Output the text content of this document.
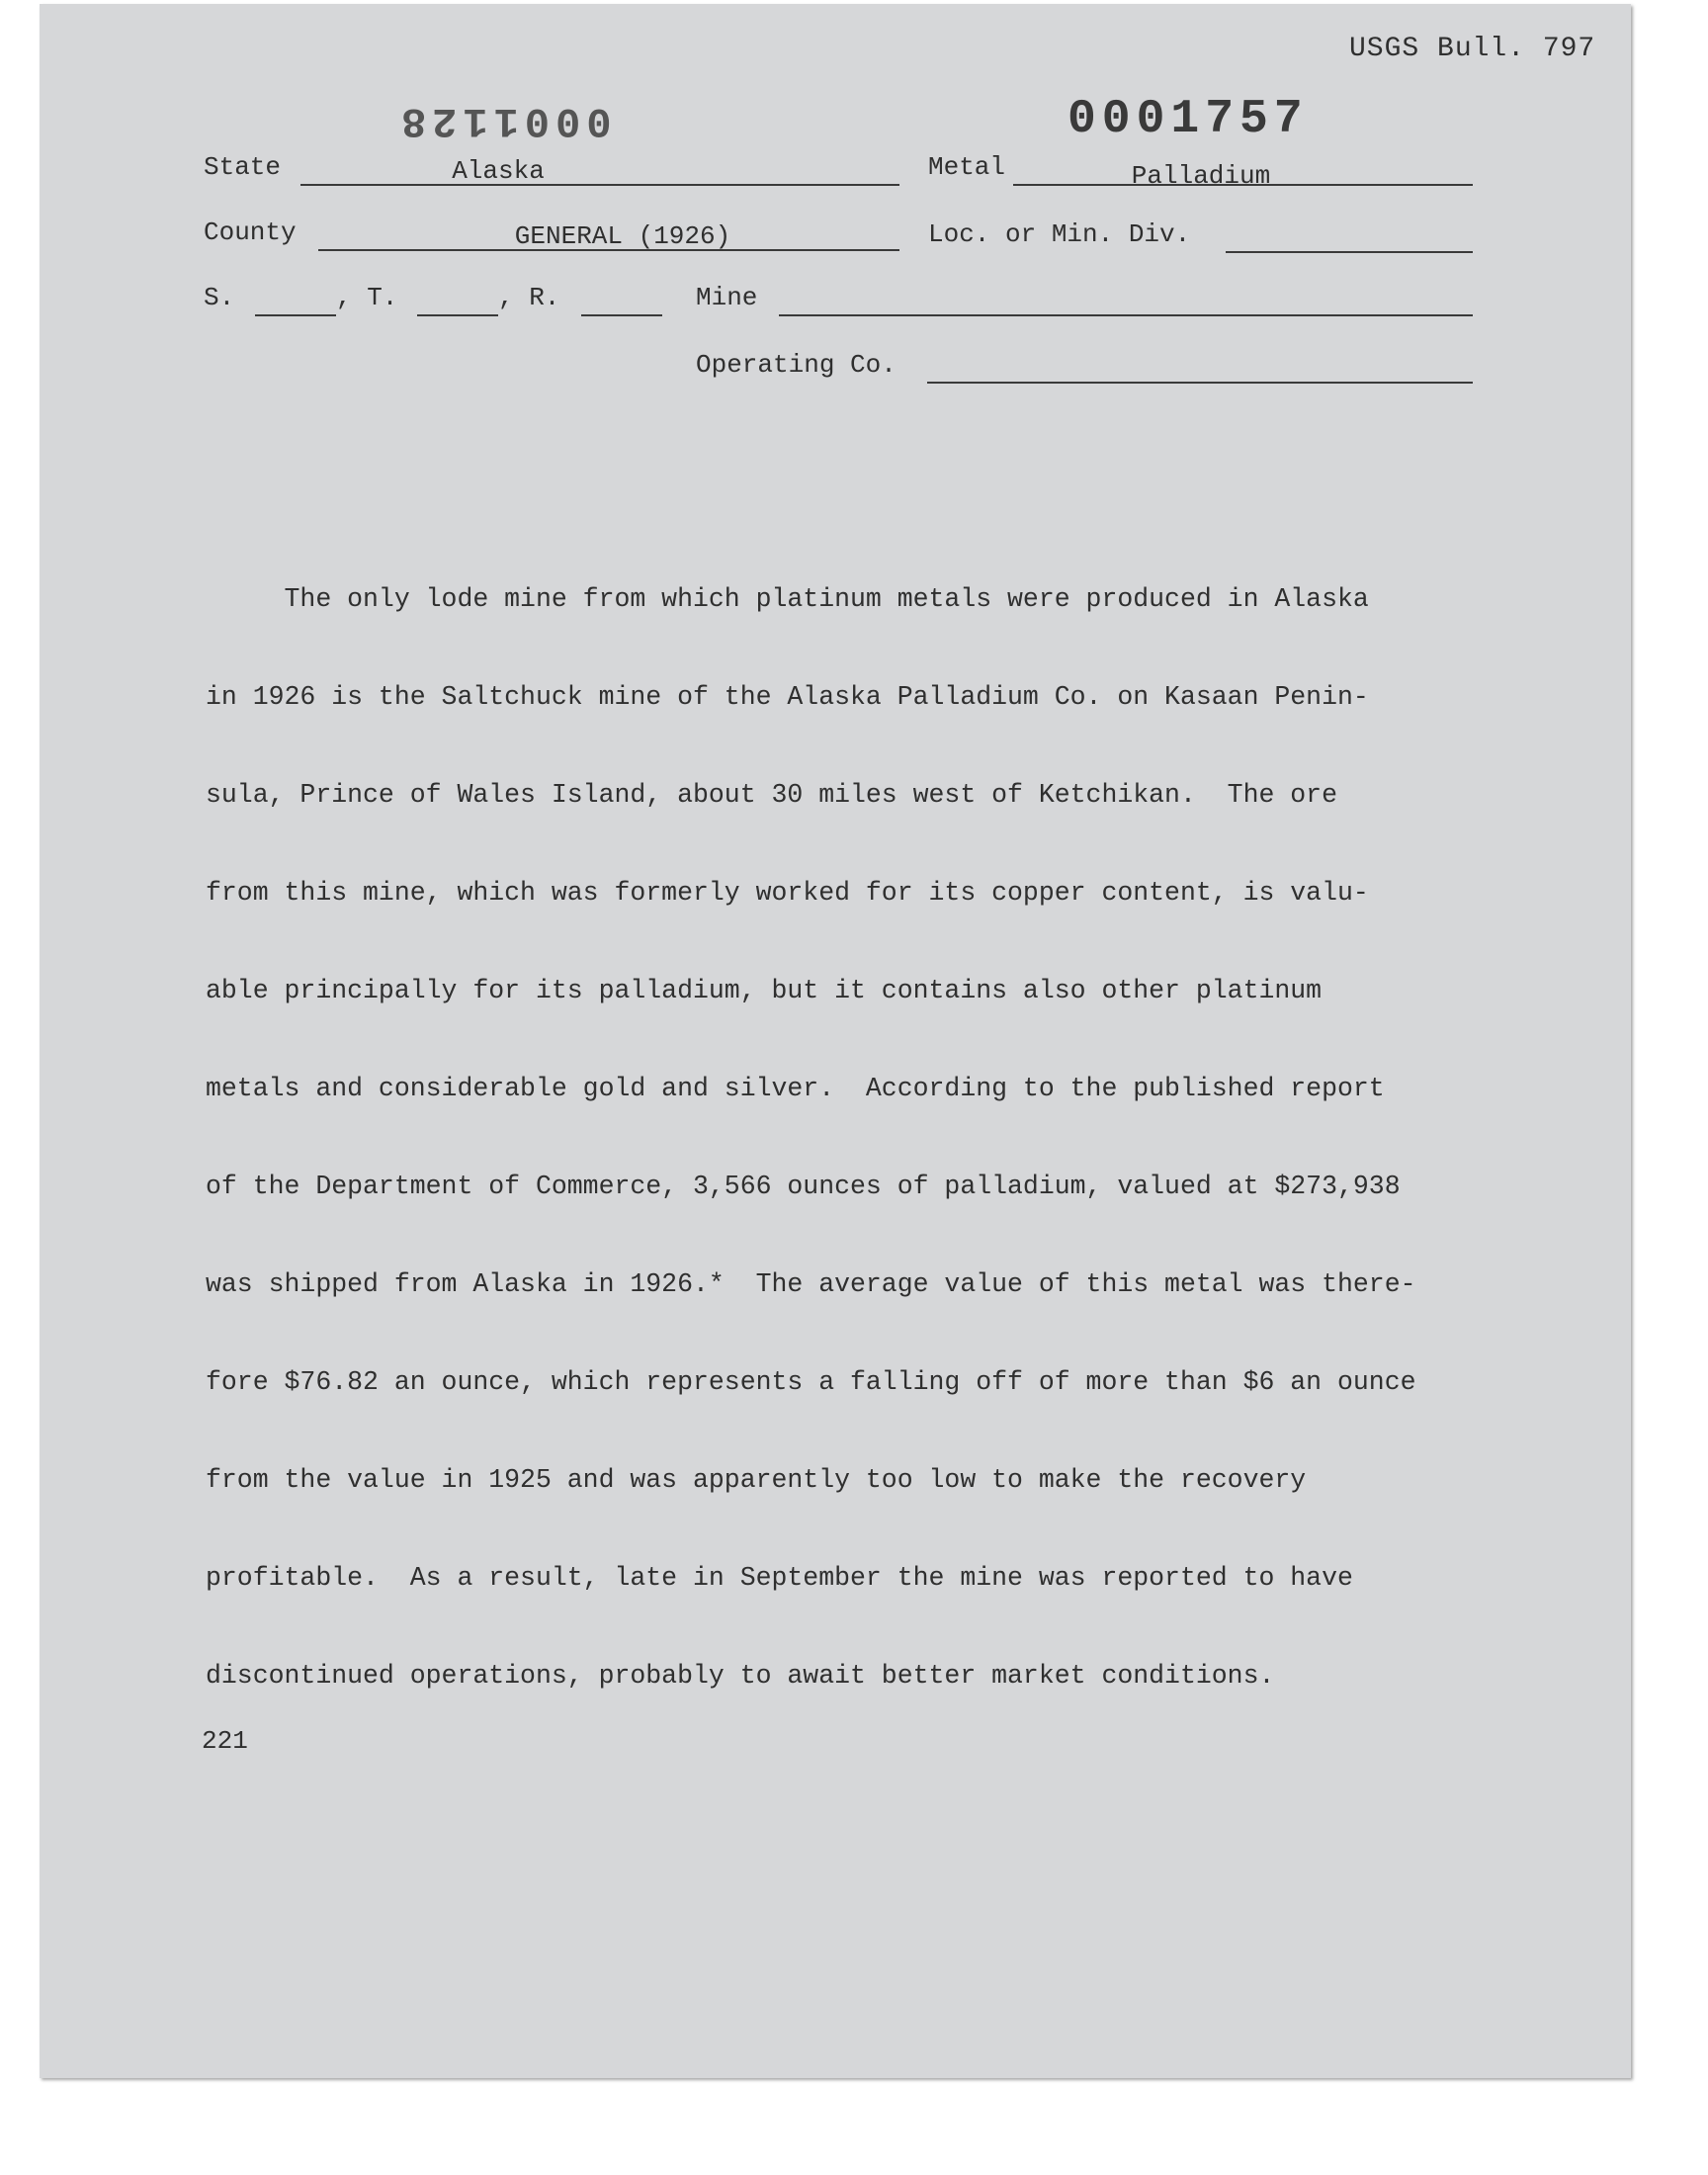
USGS Bull. 797
0001128	0001757
State	Alaska	Metal	Palladium
County	GENERAL (1926)	Loc. or Min. Div.
S.	, T.	, R.	Mine
Operating Co.

The only lode mine from which platinum metals were produced in Alaska

in 1926 is the Saltchuck mine of the Alaska Palladium Co. on Kasaan Penin-

sula, Prince of Wales Island, about 30 miles west of Ketchikan.  The ore

from this mine, which was formerly worked for its copper content, is valu-

able principally for its palladium, but it contains also other platinum

metals and considerable gold and silver.  According to the published report

of the Department of Commerce, 3,566 ounces of palladium, valued at $273,938

was shipped from Alaska in 1926.*  The average value of this metal was there-

fore $76.82 an ounce, which represents a falling off of more than $6 an ounce

from the value in 1925 and was apparently too low to make the recovery

profitable.  As a result, late in September the mine was reported to have

discontinued operations, probably to await better market conditions.

221
